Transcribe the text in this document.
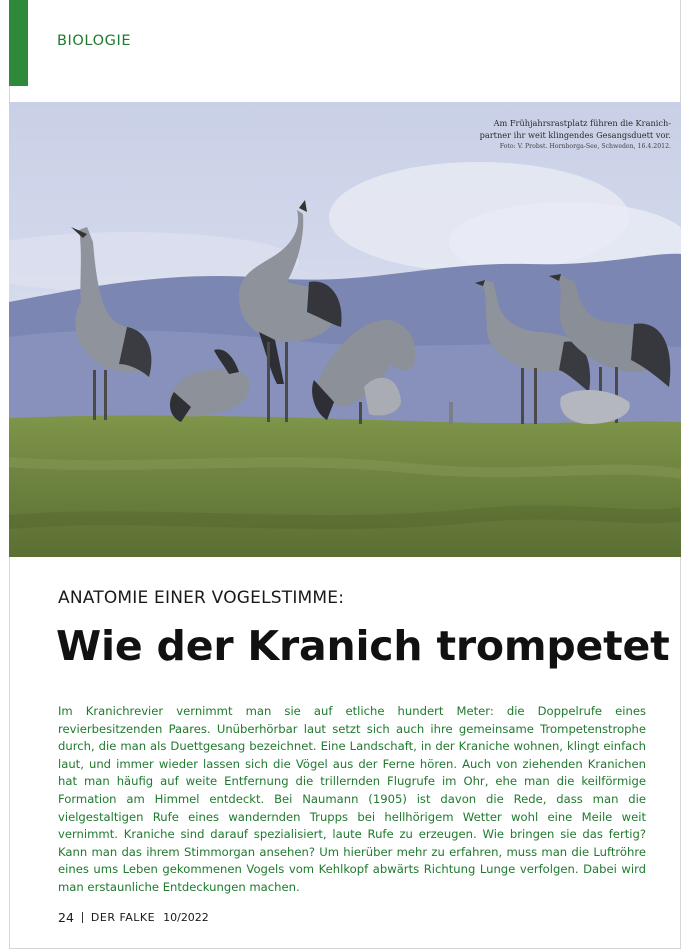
BIOLOGIE
Am Frühjahrsrastplatz führen die Kranich-
partner ihr weit klingendes Gesangsduett vor.
Foto: V. Probst. Hornborga-See, Schweden, 16.4.2012.
ANATOMIE EINER VOGELSTIMME:
Wie der Kranich trompetet
Im Kranichrevier vernimmt man sie auf etliche hundert Meter: die Doppelrufe eines revierbesitzenden Paares. Unüberhörbar laut setzt sich auch ihre gemeinsame Trompetenstrophe durch, die man als Duettgesang bezeichnet. Eine Landschaft, in der Kraniche wohnen, klingt einfach laut, und immer wieder lassen sich die Vögel aus der Ferne hören. Auch von ziehenden Kranichen hat man häufig auf weite Entfernung die trillernden Flugrufe im Ohr, ehe man die keilförmige Formation am Himmel entdeckt. Bei Naumann (1905) ist davon die Rede, dass man die vielgestaltigen Rufe eines wandernden Trupps bei hellhörigem Wetter wohl eine Meile weit vernimmt. Kraniche sind darauf spezialisiert, laute Rufe zu erzeugen. Wie bringen sie das fertig? Kann man das ihrem Stimmorgan ansehen? Um hierüber mehr zu erfahren, muss man die Luftröhre eines ums Leben gekommenen Vogels vom Kehlkopf abwärts Richtung Lunge verfolgen. Dabei wird man erstaunliche Entdeckungen machen.
24 DER FALKE 10/2022
